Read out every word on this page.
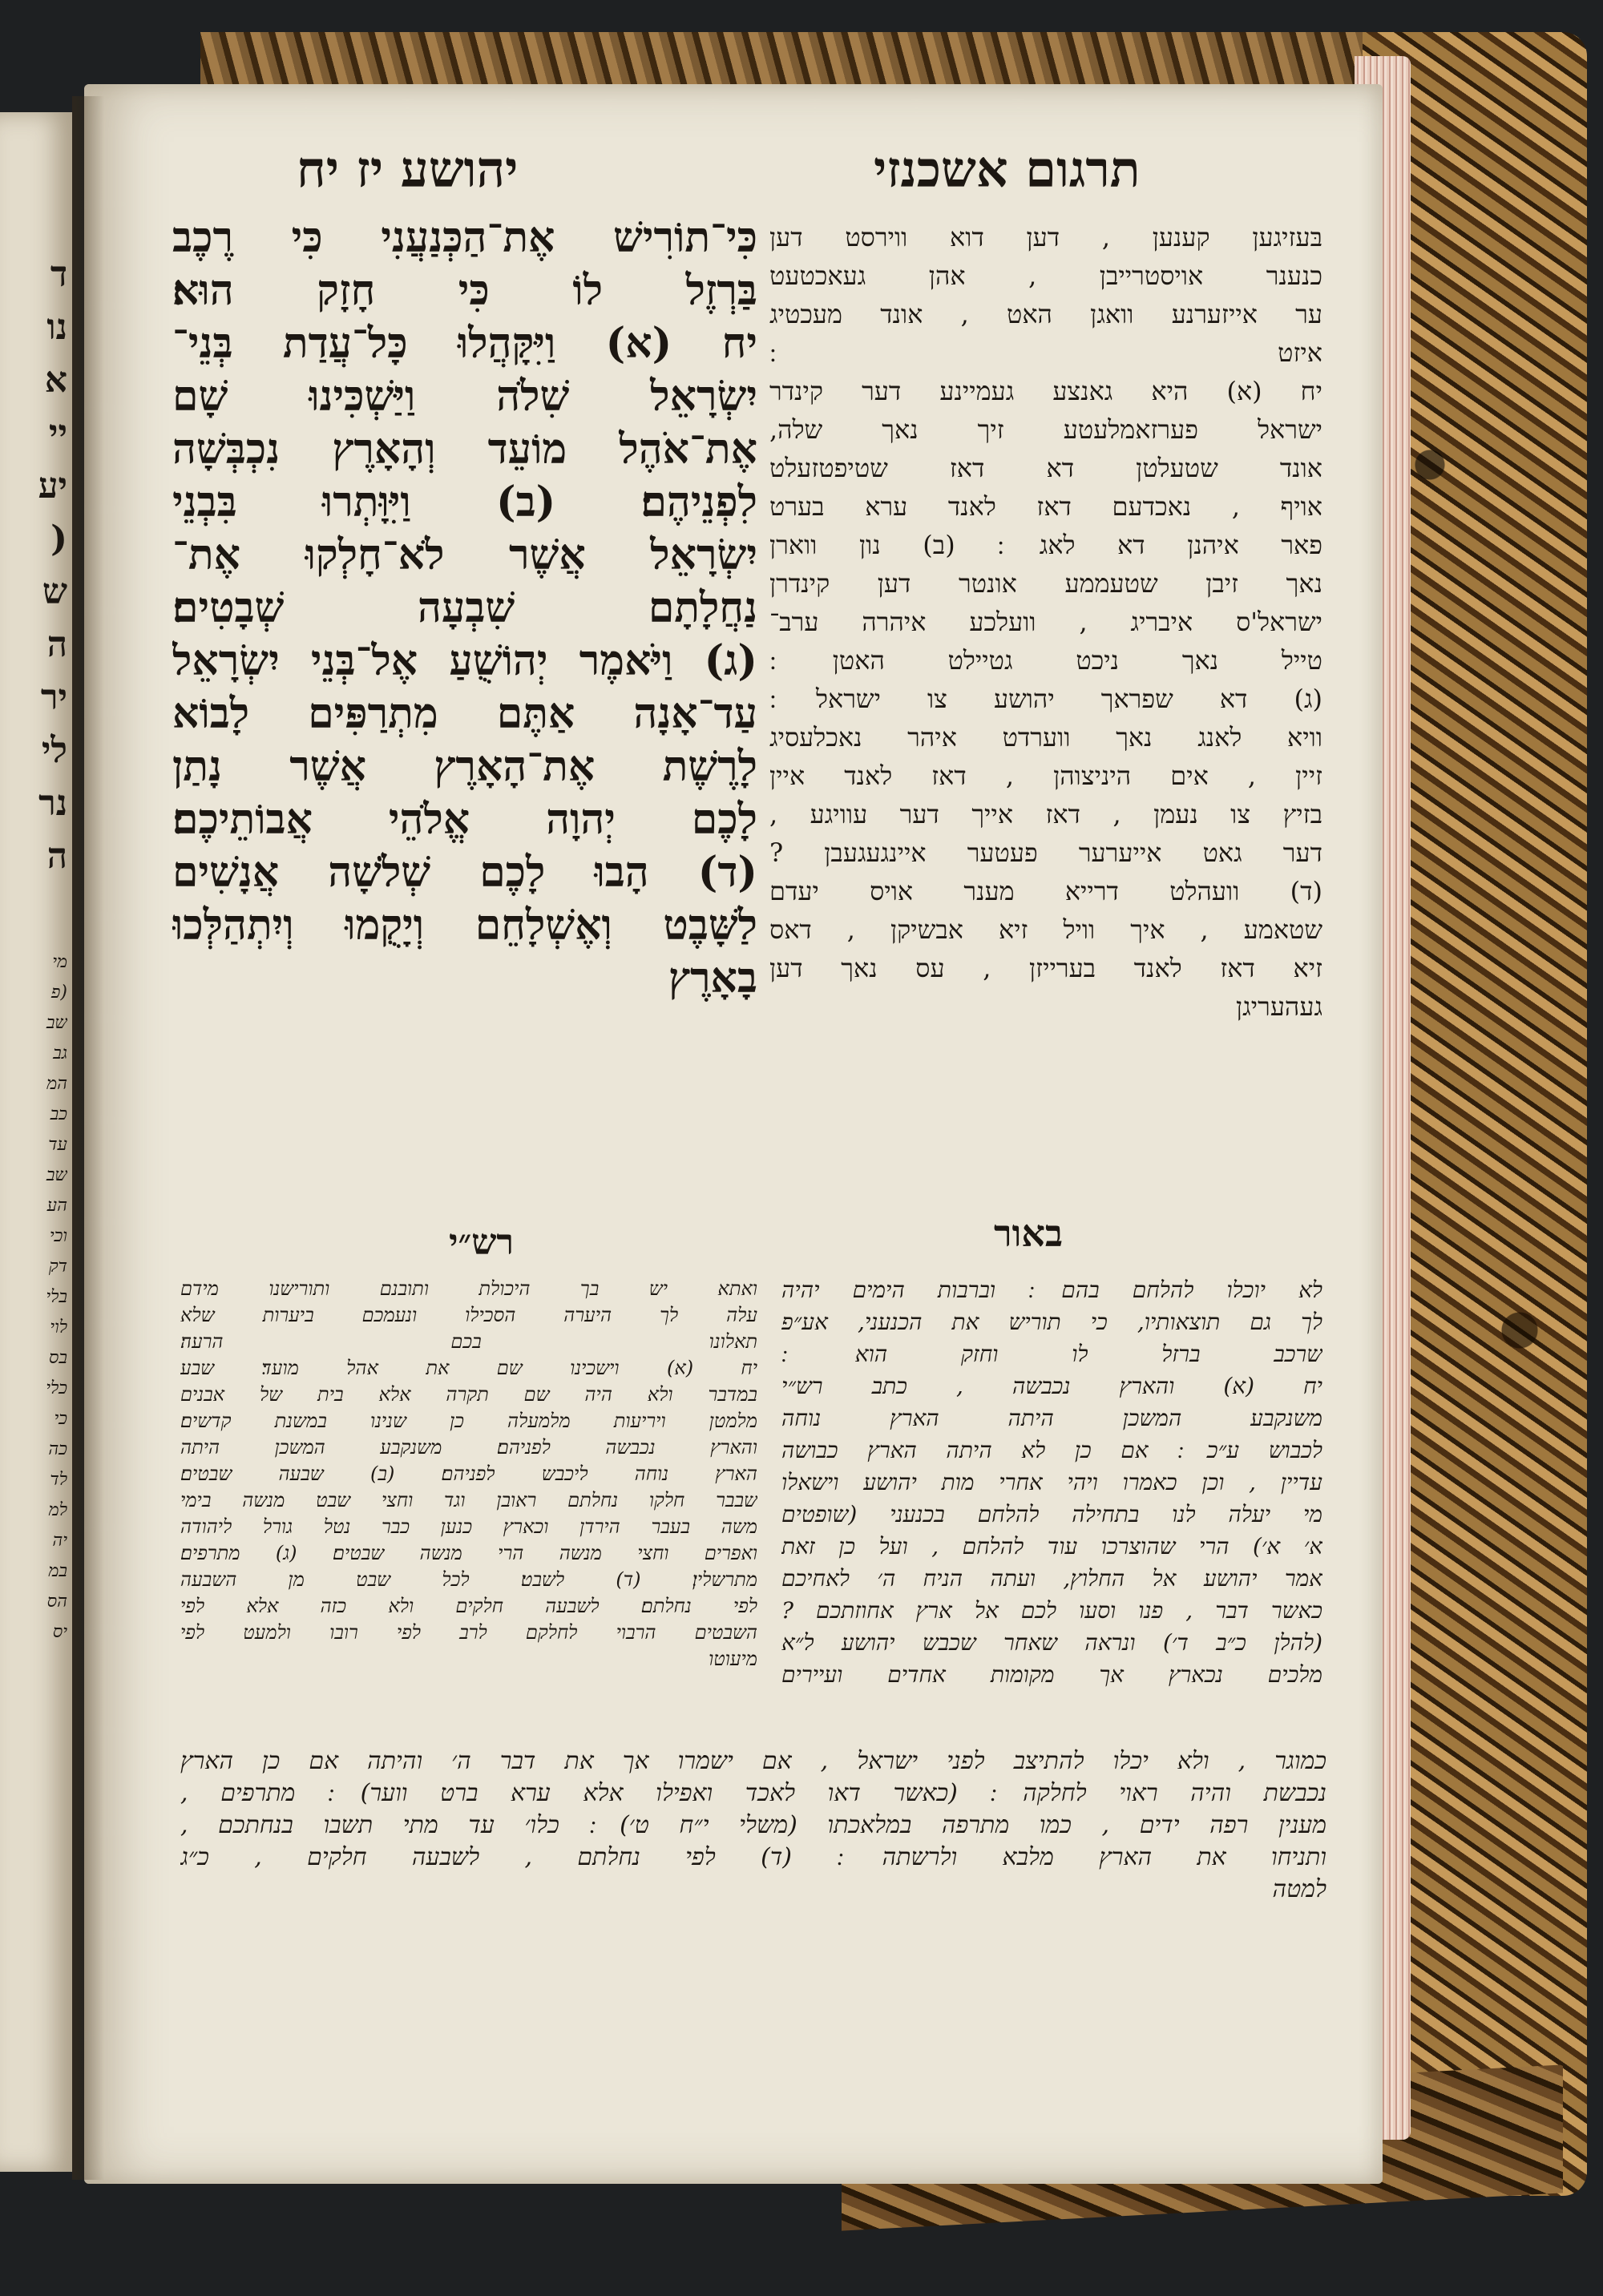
ד
נו
א
יי
יע
(
ש
ה
יר
לי
נר
ה
מי
(פ
שב
גב
המ
כב
עד
שב
הע
וכי
דק
בלי
לוי
בס
כלי
כי
כה
לד
למ
יה
במ
הס
יס
יהושע יז יח	תרגום אשכנזי
כִּי־תוֹרִישׁ אֶת־הַכְּנַעֲנִי כִּי רֶכֶב
בַּרְזֶל לוֹ כִּי חָזָק הוּא׃
יח (א) וַיִּקָּהֲלוּ כָּל־עֲדַת בְּנֵי־
יִשְׂרָאֵל שִׁלֹה וַיַּשְׁכִּינוּ שָׁם
אֶת־אֹהֶל מוֹעֵד וְהָאָרֶץ נִכְבְּשָׁה
לִפְנֵיהֶם׃ (ב) וַיִּוָּתְרוּ בִּבְנֵי
יִשְׂרָאֵל אֲשֶׁר לֹא־חָלְקוּ אֶת־
נַחֲלָתָם שִׁבְעָה שְׁבָטִים׃
(ג) וַיֹּאמֶר יְהוֹשֻׁעַ אֶל־בְּנֵי יִשְׂרָאֵל
עַד־אָנָה אַתֶּם מִתְרַפִּים לָבוֹא
לָרֶשֶׁת אֶת־הָאָרֶץ אֲשֶׁר נָתַן
לָכֶם יְהוָה אֱלֹהֵי אֲבוֹתֵיכֶם׃
(ד) הָבוּ לָכֶם שְׁלֹשָׁה אֲנָשִׁים
לַשָּׁבֶט וְאֶשְׁלָחֵם וְיָקֻמוּ וְיִתְהַלְּכוּ
בָאָרֶץ
בּעזיגען קענען , דען דוא ווירסט דען
כנענר אויסטרייבן , אהן געאכטעט
ער אייזערנע וואגן האט , אונד מעכטיג
איזט ׃
יח (א) היא גאנצע געמיינע דער קינדר
ישראל פערזאמלעטע זיך נאך שלה,
אונד שטעלטן דא דאז שטיפטזעלט
אויף , נאכדעם דאז לאנד ערא בערט
פאר איהנן דא לאג ׃ (ב) נון ווארן
נאך זיבן שטעממע אונטר דען קינדרן
ישראל'ס איבריג , וועלכע איהרה ערב־
טייל נאך ניכט גטיילט האטן ׃
(ג) דא שפראך יהושע צו ישראל ׃
וויא לאנג נאך ווערדט איהר נאכלעסיג
זיין , אים היניצוהן , דאז לאנד איין
בזיץ צו נעמן , דאז אייך דער עוויגע ,
דער גאט אייערער פעטער איינגעגעבן ?
(ד) וועהלט דרייא מענר אויס יעדם
שטאמע , איך וויל זיא אבשיקן , דאס
זיא דאז לאנד בערייזן , עס נאך דען
געהעריגן
רש״י
ואתא יש בך היכולת ותובנם ותורישנו מידם
עלה לך היערה הסכילו ונעמכם ביערות שלא
תאלונו בכם הרעה׃
יח (א) וישכינו שם את אהל מועד׃ שבע
במדבר ולא היה שם תקרה אלא בית של אבנים
מלמטן ויריעות מלמעלה כן שנינו במשנת קדשים׃
והארץ נכבשה לפניהם׃ משנקבע המשכן היתה
הארץ נוחה ליכבש לפניהם׃ (ב) שבעה שבטים׃
שבבר חלקו נחלתם ראובן וגד וחצי שבט מנשה בימי
משה בעבר הירדן וכארץ כנען כבר נטל גורל ליהודה
ואפרים וחצי מנשה הרי מנשה שבטים׃ (ג) מתרפים׃
מתרשלין׃ (ד) לשבט׃ לכל שבט מן השבעה
לפי נחלתם׃ לשבעה חלקים ולא כזה אלא לפי
השבטים הרבוי לחלקם לרב לפי רובו ולמעט לפי
מיעוטו
באור
לא יוכלו להלחם בהם ׃ וברבות הימים יהיה
לך גם תוצאותיו, כי תוריש את הכנעני, אע״פ
שרכב ברזל לו וחזק הוא ׃
יח (א) והארץ נכבשה , כתב רש״י
משנקבע המשכן היתה הארץ נוחה
לכבוש ע״כ ׃ אם כן לא היתה הארץ כבושה
עדיין , וכן כאמרו ויהי אחרי מות יהושע וישאלו
מי יעלה לנו בתחילה להלחם בכנעני (שופטים
א׳ א׳) הרי שהוצרכו עוד להלחם , ועל כן זאת
אמר יהושע אל החלוץ, ועתה הניח ה׳ לאחיכם
כאשר דבר , פנו וסעו לכם אל ארץ אחוזתכם ?
(להלן כ״ב ד׳) ונראה שאחר שכבש יהושע ל״א
מלכים נכארץ אך מקומות אחדים ועיירים
כמוגר , ולא יכלו להתיצב לפני ישראל , אם ישמרו אך את דבר ה׳ והיתה אם כן הארץ
נכבשת והיה ראוי לחלקה ׃ (כאשר דאו לאכד ואפילו אלא ערא ברט ווער) ׃ מתרפים ,
מענין רפה ידים , כמו מתרפה במלאכתו (משלי י״ח ט׳) ׃ כלו׳ עד מתי תשבו בנחתכם ,
ותניחו את הארץ מלבא ולרשתה ׃ (ד) לפי נחלתם , לשבעה חלקים , כ״ג
למטה
